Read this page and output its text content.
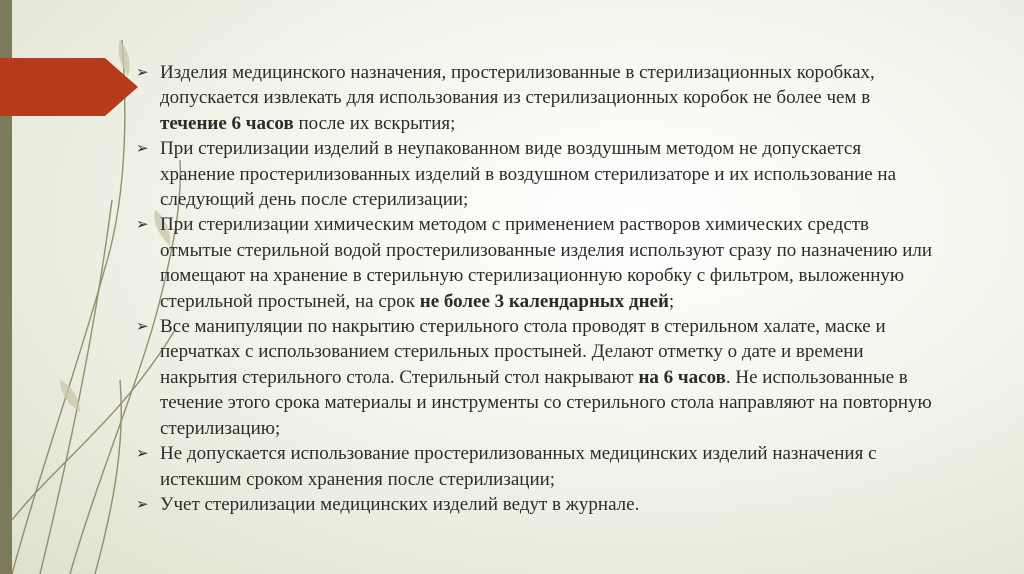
➢ Изделия медицинского назначения, простерилизованные в стерилизационных коробках, допускается извлекать для использования из стерилизационных коробок не более чем в течение 6 часов после их вскрытия;
➢ При стерилизации изделий в неупакованном виде воздушным методом не допускается хранение простерилизованных изделий в воздушном стерилизаторе и их использование на следующий день после стерилизации;
➢ При стерилизации химическим методом с применением растворов химических средств отмытые стерильной водой простерилизованные изделия используют сразу по назначению или помещают на хранение в стерильную стерилизационную коробку с фильтром, выложенную стерильной простыней, на срок не более 3 календарных дней;
➢ Все манипуляции по накрытию стерильного стола проводят в стерильном халате, маске и перчатках с использованием стерильных простыней. Делают отметку о дате и времени накрытия стерильного стола. Стерильный стол накрывают на 6 часов. Не использованные в течение этого срока материалы и инструменты со стерильного стола направляют на повторную стерилизацию;
➢ Не допускается использование простерилизованных медицинских изделий назначения с истекшим сроком хранения после стерилизации;
➢ Учет стерилизации медицинских изделий ведут в журнале.
